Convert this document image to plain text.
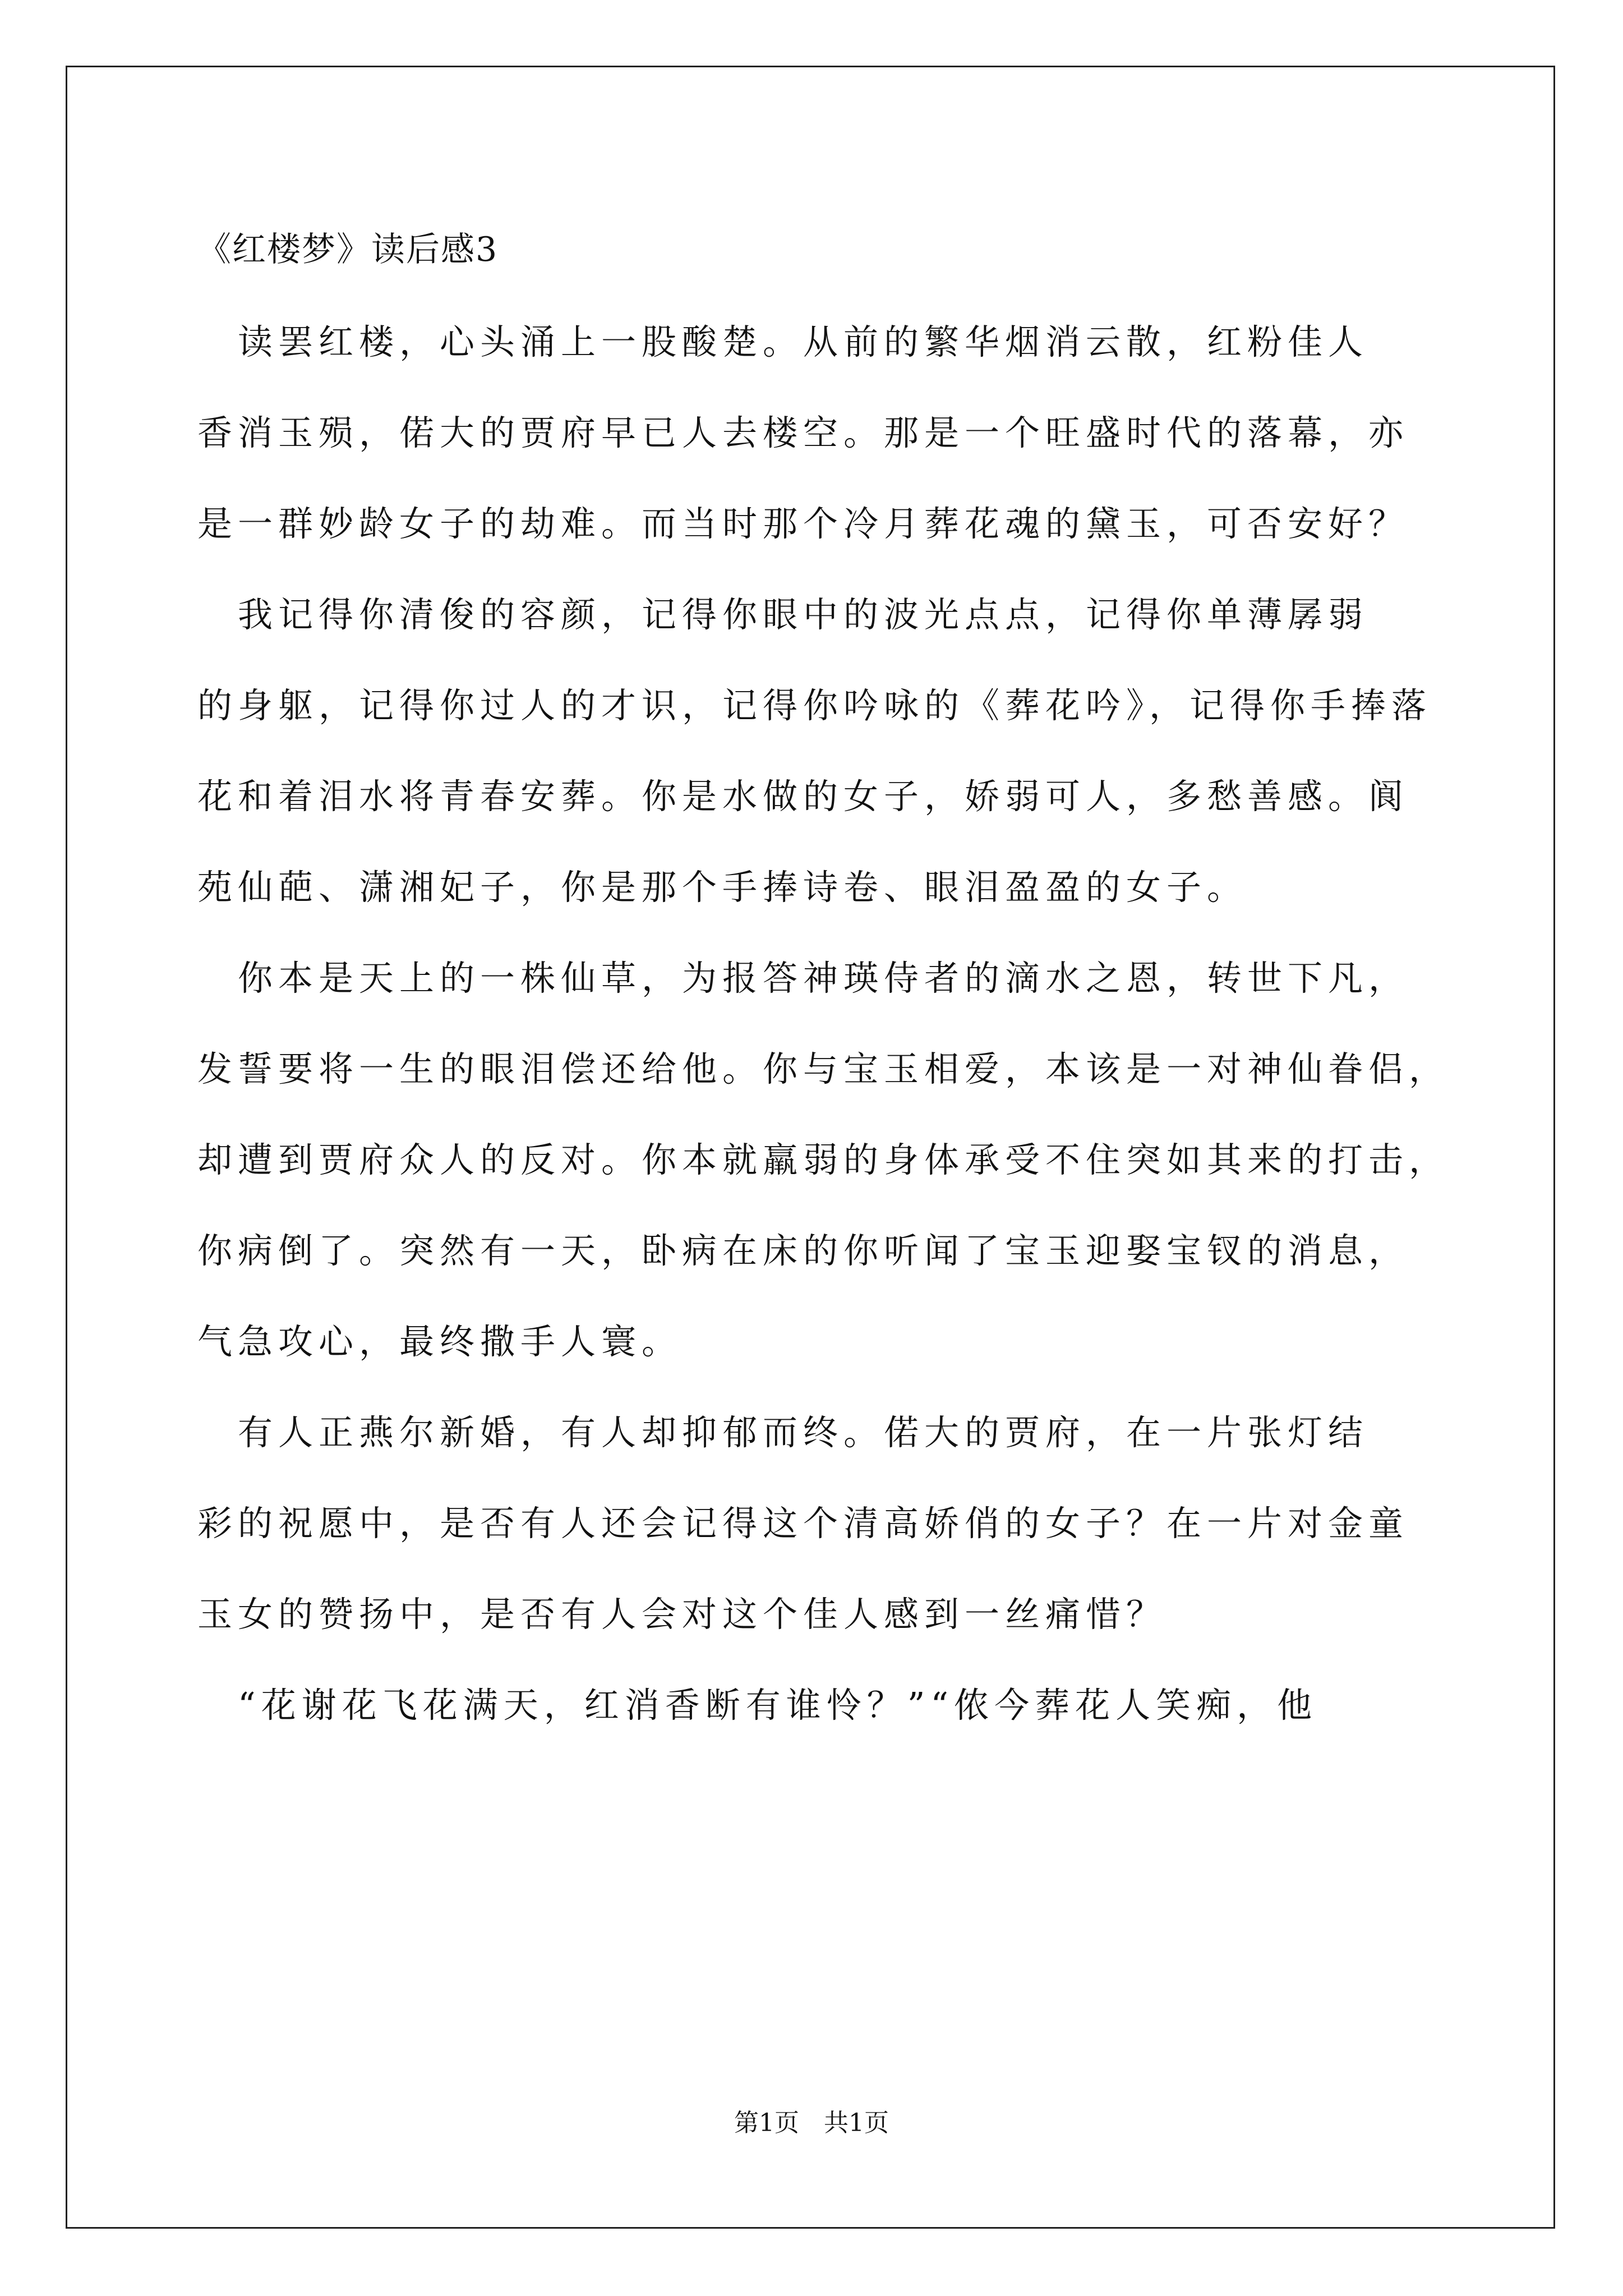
《红楼梦》读后感3
　读罢红楼，心头涌上一股酸楚。从前的繁华烟消云散，红粉佳人
香消玉殒，偌大的贾府早已人去楼空。那是一个旺盛时代的落幕，亦
是一群妙龄女子的劫难。而当时那个冷月葬花魂的黛玉，可否安好？
　我记得你清俊的容颜，记得你眼中的波光点点，记得你单薄孱弱
的身躯，记得你过人的才识，记得你吟咏的《葬花吟》，记得你手捧落
花和着泪水将青春安葬。你是水做的女子，娇弱可人，多愁善感。阆
苑仙葩、潇湘妃子，你是那个手捧诗卷、眼泪盈盈的女子。
　你本是天上的一株仙草，为报答神瑛侍者的滴水之恩，转世下凡，
发誓要将一生的眼泪偿还给他。你与宝玉相爱，本该是一对神仙眷侣，
却遭到贾府众人的反对。你本就羸弱的身体承受不住突如其来的打击，
你病倒了。突然有一天，卧病在床的你听闻了宝玉迎娶宝钗的消息，
气急攻心，最终撒手人寰。
　有人正燕尔新婚，有人却抑郁而终。偌大的贾府，在一片张灯结
彩的祝愿中，是否有人还会记得这个清高娇俏的女子？在一片对金童
玉女的赞扬中，是否有人会对这个佳人感到一丝痛惜？
　“花谢花飞花满天，红消香断有谁怜？”“侬今葬花人笑痴，他
第1页　共1页
